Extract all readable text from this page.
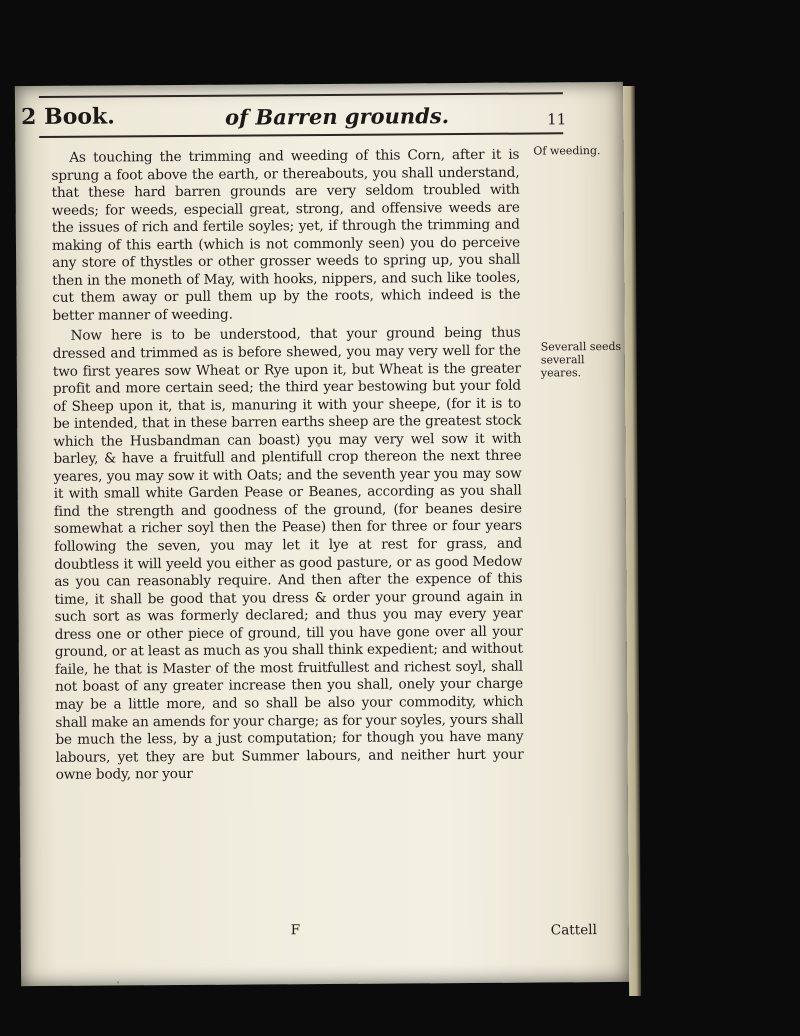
2 Book.	of Barren grounds.	11
Of weeding.
Severall seeds severall yeares.

As touching the trimming and weeding of this Corn, after it is sprung a foot above the earth, or thereabouts, you shall understand, that these hard barren grounds are very seldom troubled with weeds; for weeds, especiall great, strong, and offensive weeds are the issues of rich and fertile soyles; yet, if through the trimming and making of this earth (which is not commonly seen) you do perceive any store of thystles or other grosser weeds to spring up, you shall then in the moneth of May, with hooks, nippers, and such like tooles, cut them away or pull them up by the roots, which indeed is the better manner of weeding.

Now here is to be understood, that your ground being thus dressed and trimmed as is before shewed, you may very well for the two first yeares sow Wheat or Rye upon it, but Wheat is the greater profit and more certain seed; the third year bestowing but your fold of Sheep upon it, that is, manuring it with your sheepe, (for it is to be intended, that in these barren earths sheep are the greatest stock which the Husbandman can boast) you may very wel sow it with barley, & have a fruitfull and plentifull crop thereon the next three yeares, you may sow it with Oats; and the seventh year you may sow it with small white Garden Pease or Beanes, according as you shall find the strength and goodness of the ground, (for beanes desire somewhat a richer soyl then the Pease) then for three or four years following the seven, you may let it lye at rest for grass, and doubtless it will yeeld you either as good pasture, or as good Medow as you can reasonably require. And then after the expence of this time, it shall be good that you dress & order your ground again in such sort as was formerly declared; and thus you may every year dress one or other piece of ground, till you have gone over all your ground, or at least as much as you shall think expedient; and without faile, he that is Master of the most fruitfullest and richest soyl, shall not boast of any greater increase then you shall, onely your charge may be a little more, and so shall be also your commodity, which shall make an amends for your charge; as for your soyles, yours shall be much the less, by a just computation; for though you have many labours, yet they are but Summer labours, and neither hurt your owne body, nor your

F	Cattell
